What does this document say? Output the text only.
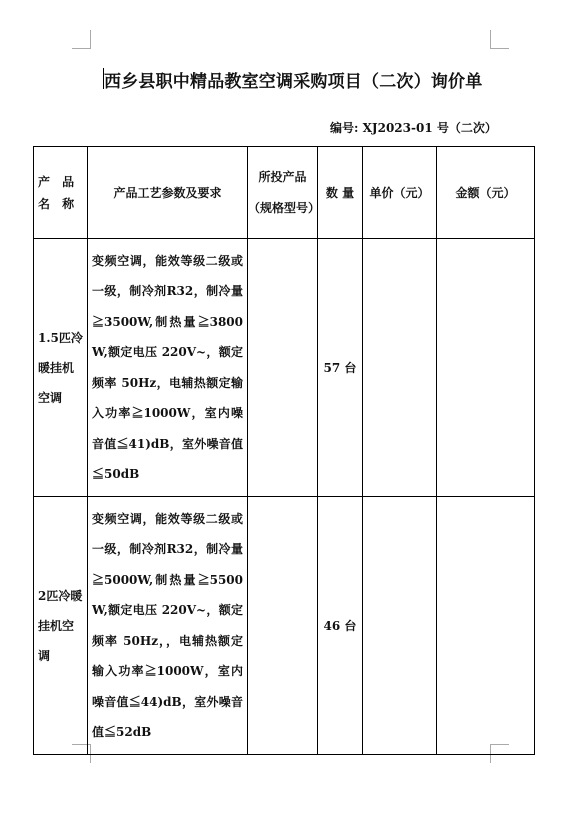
西乡县职中精品教室空调采购项目（二次）询价单
编号: XJ2023-01 号（二次）
产 品 名 称	产品工艺参数及要求	所投产品（规格型号）	数 量	单价（元）	金额（元）
1.5匹冷暖挂机空调	变频空调，能效等级二级或一级，制冷剂R32，制冷量≧3500W,制热量≧3800W,额定电压 220V~，额定频率 50Hz，电辅热额定输入功率≧1000W，室内噪音值≦41)dB，室外噪音值≦50dB		57 台		
2匹冷暖挂机空调	变频空调，能效等级二级或一级，制冷剂R32，制冷量≧5000W,制热量≧5500W,额定电压 220V~，额定频率 50Hz，，电辅热额定输入功率≧1000W，室内噪音值≦44)dB，室外噪音值≦52dB		46 台		
